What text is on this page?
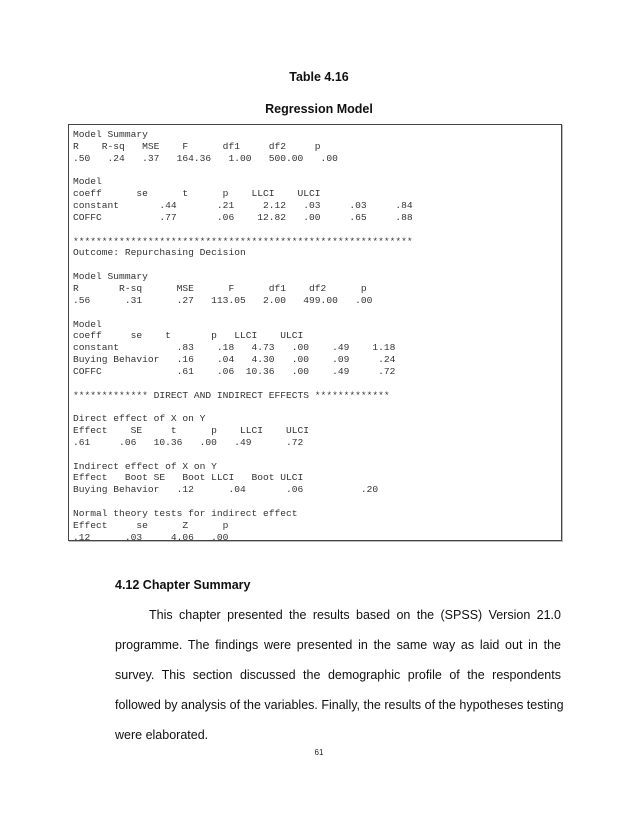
Table 4.16
Regression Model
Model Summary
R    R-sq   MSE    F      df1     df2     p
.50   .24   .37   164.36   1.00   500.00   .00

Model
coeff      se      t      p    LLCI    ULCI
constant       .44       .21     2.12   .03     .03     .84
COFFC          .77       .06    12.82   .00     .65     .88

***********************************************************
Outcome: Repurchasing Decision

Model Summary
R       R-sq      MSE      F      df1    df2      p
.56      .31      .27   113.05   2.00   499.00   .00

Model
coeff     se    t       p   LLCI    ULCI
constant          .83    .18   4.73   .00    .49    1.18
Buying Behavior   .16    .04   4.30   .00    .09     .24
COFFC             .61    .06  10.36   .00    .49     .72

************* DIRECT AND INDIRECT EFFECTS *************

Direct effect of X on Y
Effect    SE     t      p    LLCI    ULCI
.61     .06   10.36   .00   .49      .72

Indirect effect of X on Y
Effect   Boot SE   Boot LLCI   Boot ULCI
Buying Behavior   .12      .04       .06          .20

Normal theory tests for indirect effect
Effect     se      Z      p
.12      .03     4.06   .00
4.12 Chapter Summary
This chapter presented the results based on the (SPSS) Version 21.0
programme. The findings were presented in the same way as laid out in the
survey. This section discussed the demographic profile of the respondents
followed by analysis of the variables. Finally, the results of the hypotheses testing
were elaborated.
61
